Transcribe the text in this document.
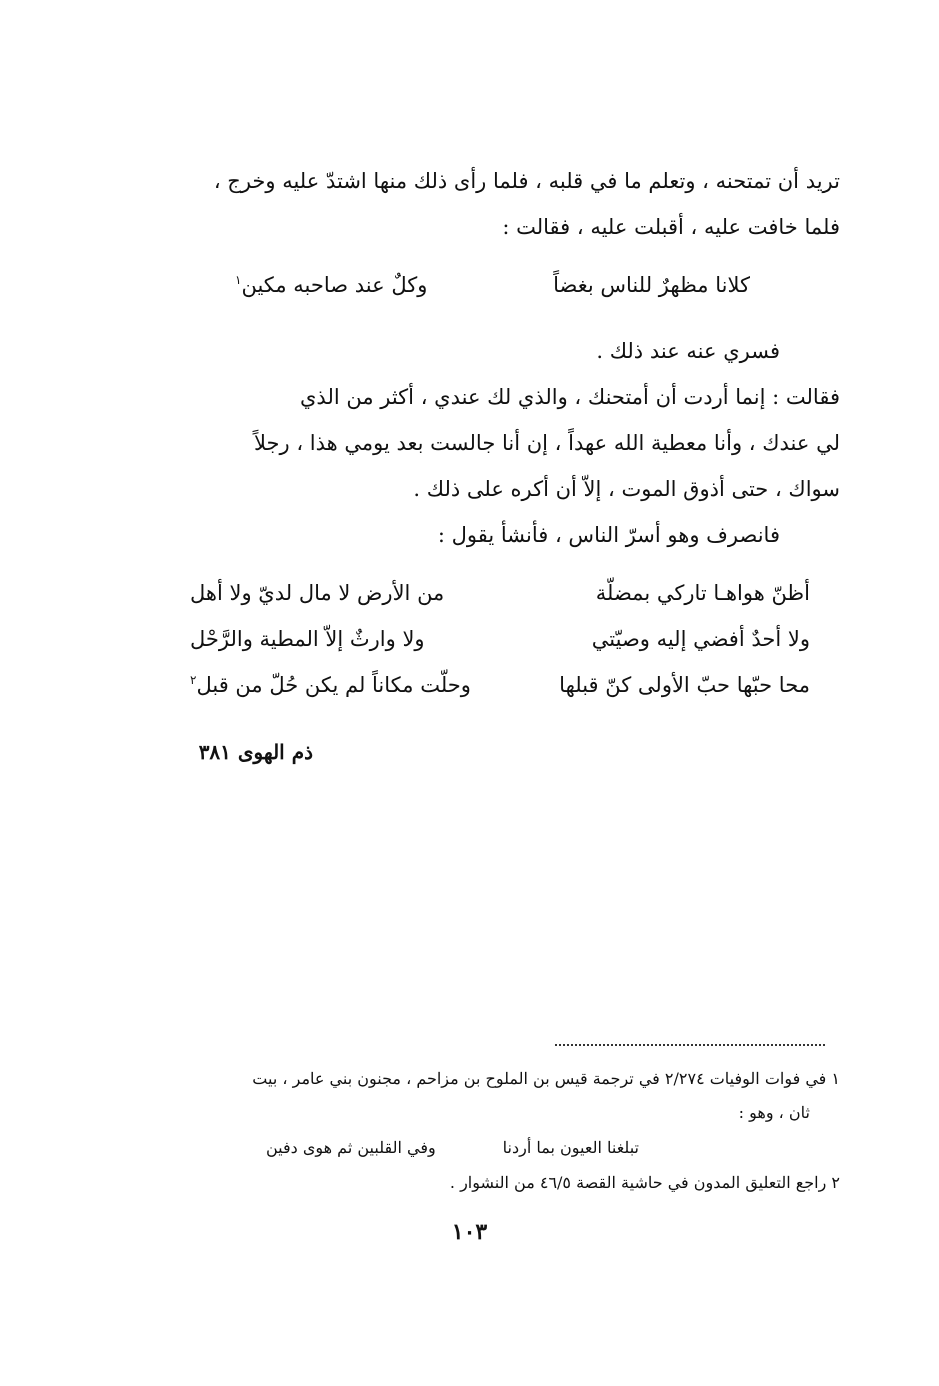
تريد أن تمتحنه ، وتعلم ما في قلبه ، فلما رأى ذلك منها اشتدّ عليه وخرج ،
فلما خافت عليه ، أقبلت عليه ، فقالت :
كلانا مظهرٌ للناس بغضاً
وكلٌ عند صاحبه مكين$^١$
فسري عنه عند ذلك .
فقالت : إنما أردت أن أمتحنك ، والذي لك عندي ، أكثر من الذي
لي عندك ، وأنا معطية الله عهداً ، إن أنا جالست بعد يومي هذا ، رجلاً
سواك ، حتى أذوق الموت ، إلاّ أن أكره على ذلك .
فانصرف وهو أسرّ الناس ، فأنشأ يقول :
أظنّ هواهـا تاركي بمضلّة
من الأرض لا مال لديّ ولا أهل
ولا أحدٌ أفضي إليه وصيّتي
ولا وارثٌ إلاّ المطية والرَّحْل
محا حبّها حبّ الأولى كنّ قبلها
وحلّت مكاناً لم يكن حُلّ من قبل$^٢$
ذم الهوى ٣٨١
١ في فوات الوفيات ٢/٢٧٤ في ترجمة قيس بن الملوح بن مزاحم ، مجنون بني عامر ، بيت
ثان ، وهو :
تبلغنا العيون بما أردنا
وفي القلبين ثم هوى دفين
٢ راجع التعليق المدون في حاشية القصة ٤٦/٥ من النشوار .
١٠٣
